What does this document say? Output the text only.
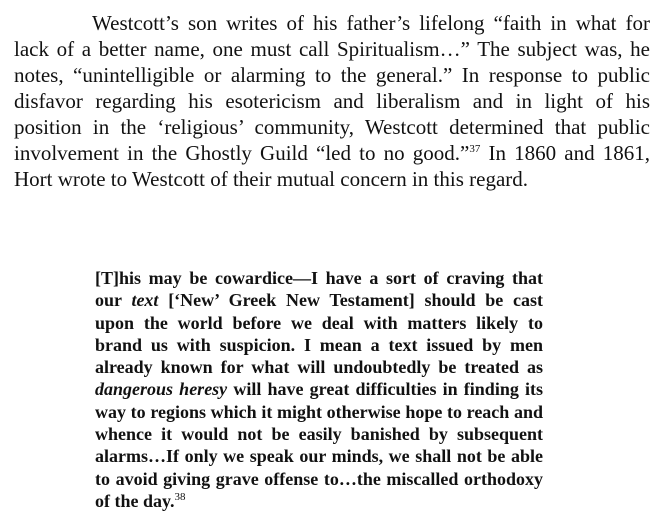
Westcott’s son writes of his father’s lifelong “faith in what for lack of a better name, one must call Spiritualism…” The subject was, he notes, “unintelligible or alarming to the general.” In response to public disfavor regarding his esotericism and liberalism and in light of his position in the ‘religious’ community, Westcott determined that public involvement in the Ghostly Guild “led to no good.”$^{37}$ In 1860 and 1861, Hort wrote to Westcott of their mutual concern in this regard.

[T]his may be cowardice—I have a sort of craving that our text [‘New’ Greek New Testament] should be cast upon the world before we deal with matters likely to brand us with suspicion. I mean a text issued by men already known for what will undoubtedly be treated as dangerous heresy will have great difficulties in finding its way to regions which it might otherwise hope to reach and whence it would not be easily banished by subsequent alarms…If only we speak our minds, we shall not be able to avoid giving grave offense to…the miscalled orthodoxy of the day.$^{38}$
